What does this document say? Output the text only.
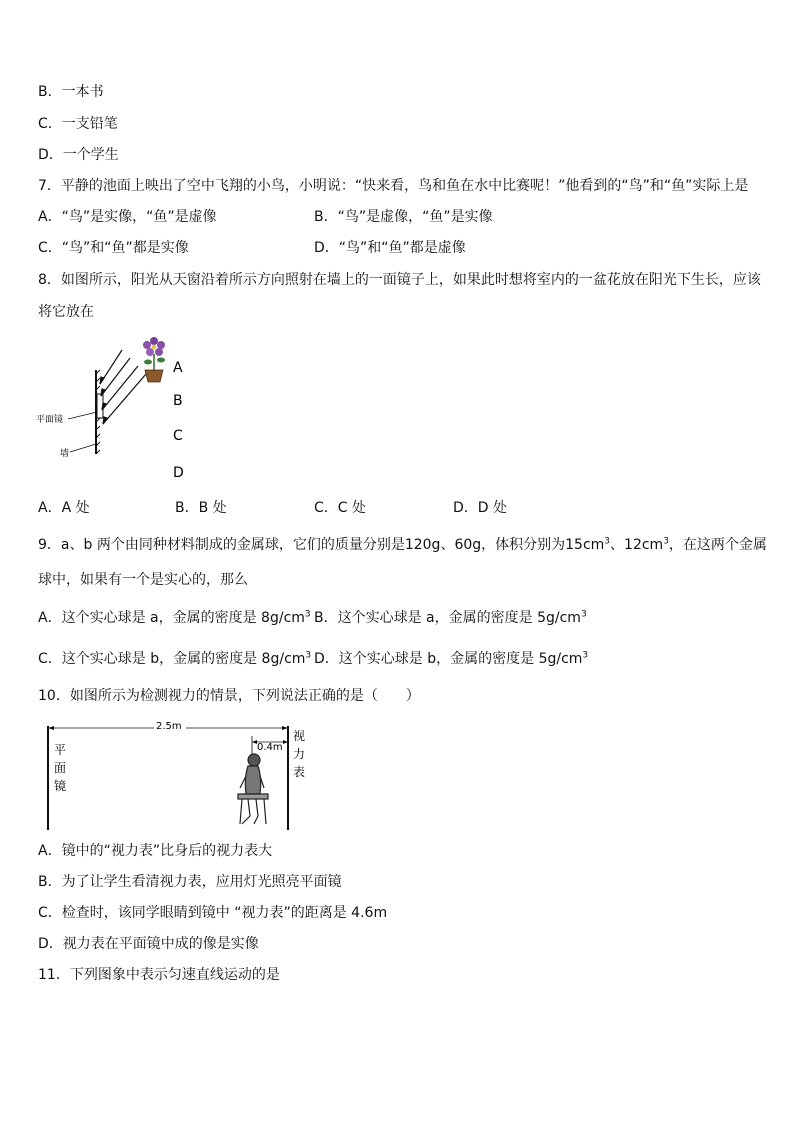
B．一本书
C．一支铅笔
D．一个学生
7．平静的池面上映出了空中飞翔的小鸟，小明说：“快来看，鸟和鱼在水中比赛呢！”他看到的“鸟”和“鱼”实际上是
A．“鸟”是实像，“鱼”是虚像	B．“鸟”是虚像，“鱼”是实像
C．“鸟”和“鱼”都是实像	D．“鸟”和“鱼”都是虚像
8．如图所示，阳光从天窗沿着所示方向照射在墙上的一面镜子上，如果此时想将室内的一盆花放在阳光下生长，应该
将它放在
平面镜
墙
A
B
C
D
A．A 处	B．B 处	C．C 处	D．D 处
9．a、b 两个由同种材料制成的金属球，它们的质量分别是120g、60g，体积分别为$15cm^3$、$12cm^3$，在这两个金属
球中，如果有一个是实心的，那么
A．这个实心球是 a，金属的密度是 $8g/cm^3$ B．这个实心球是 a，金属的密度是 $5g/cm^3$
C．这个实心球是 b，金属的密度是 $8g/cm^3$ D．这个实心球是 b，金属的密度是 $5g/cm^3$
10．如图所示为检测视力的情景，下列说法正确的是（　　）
2.5m
0.4m
平
面
镜
视
力
表
A．镜中的“视力表”比身后的视力表大
B．为了让学生看清视力表，应用灯光照亮平面镜
C．检查时，该同学眼睛到镜中 “视力表”的距离是 4.6m
D．视力表在平面镜中成的像是实像
11．下列图象中表示匀速直线运动的是
